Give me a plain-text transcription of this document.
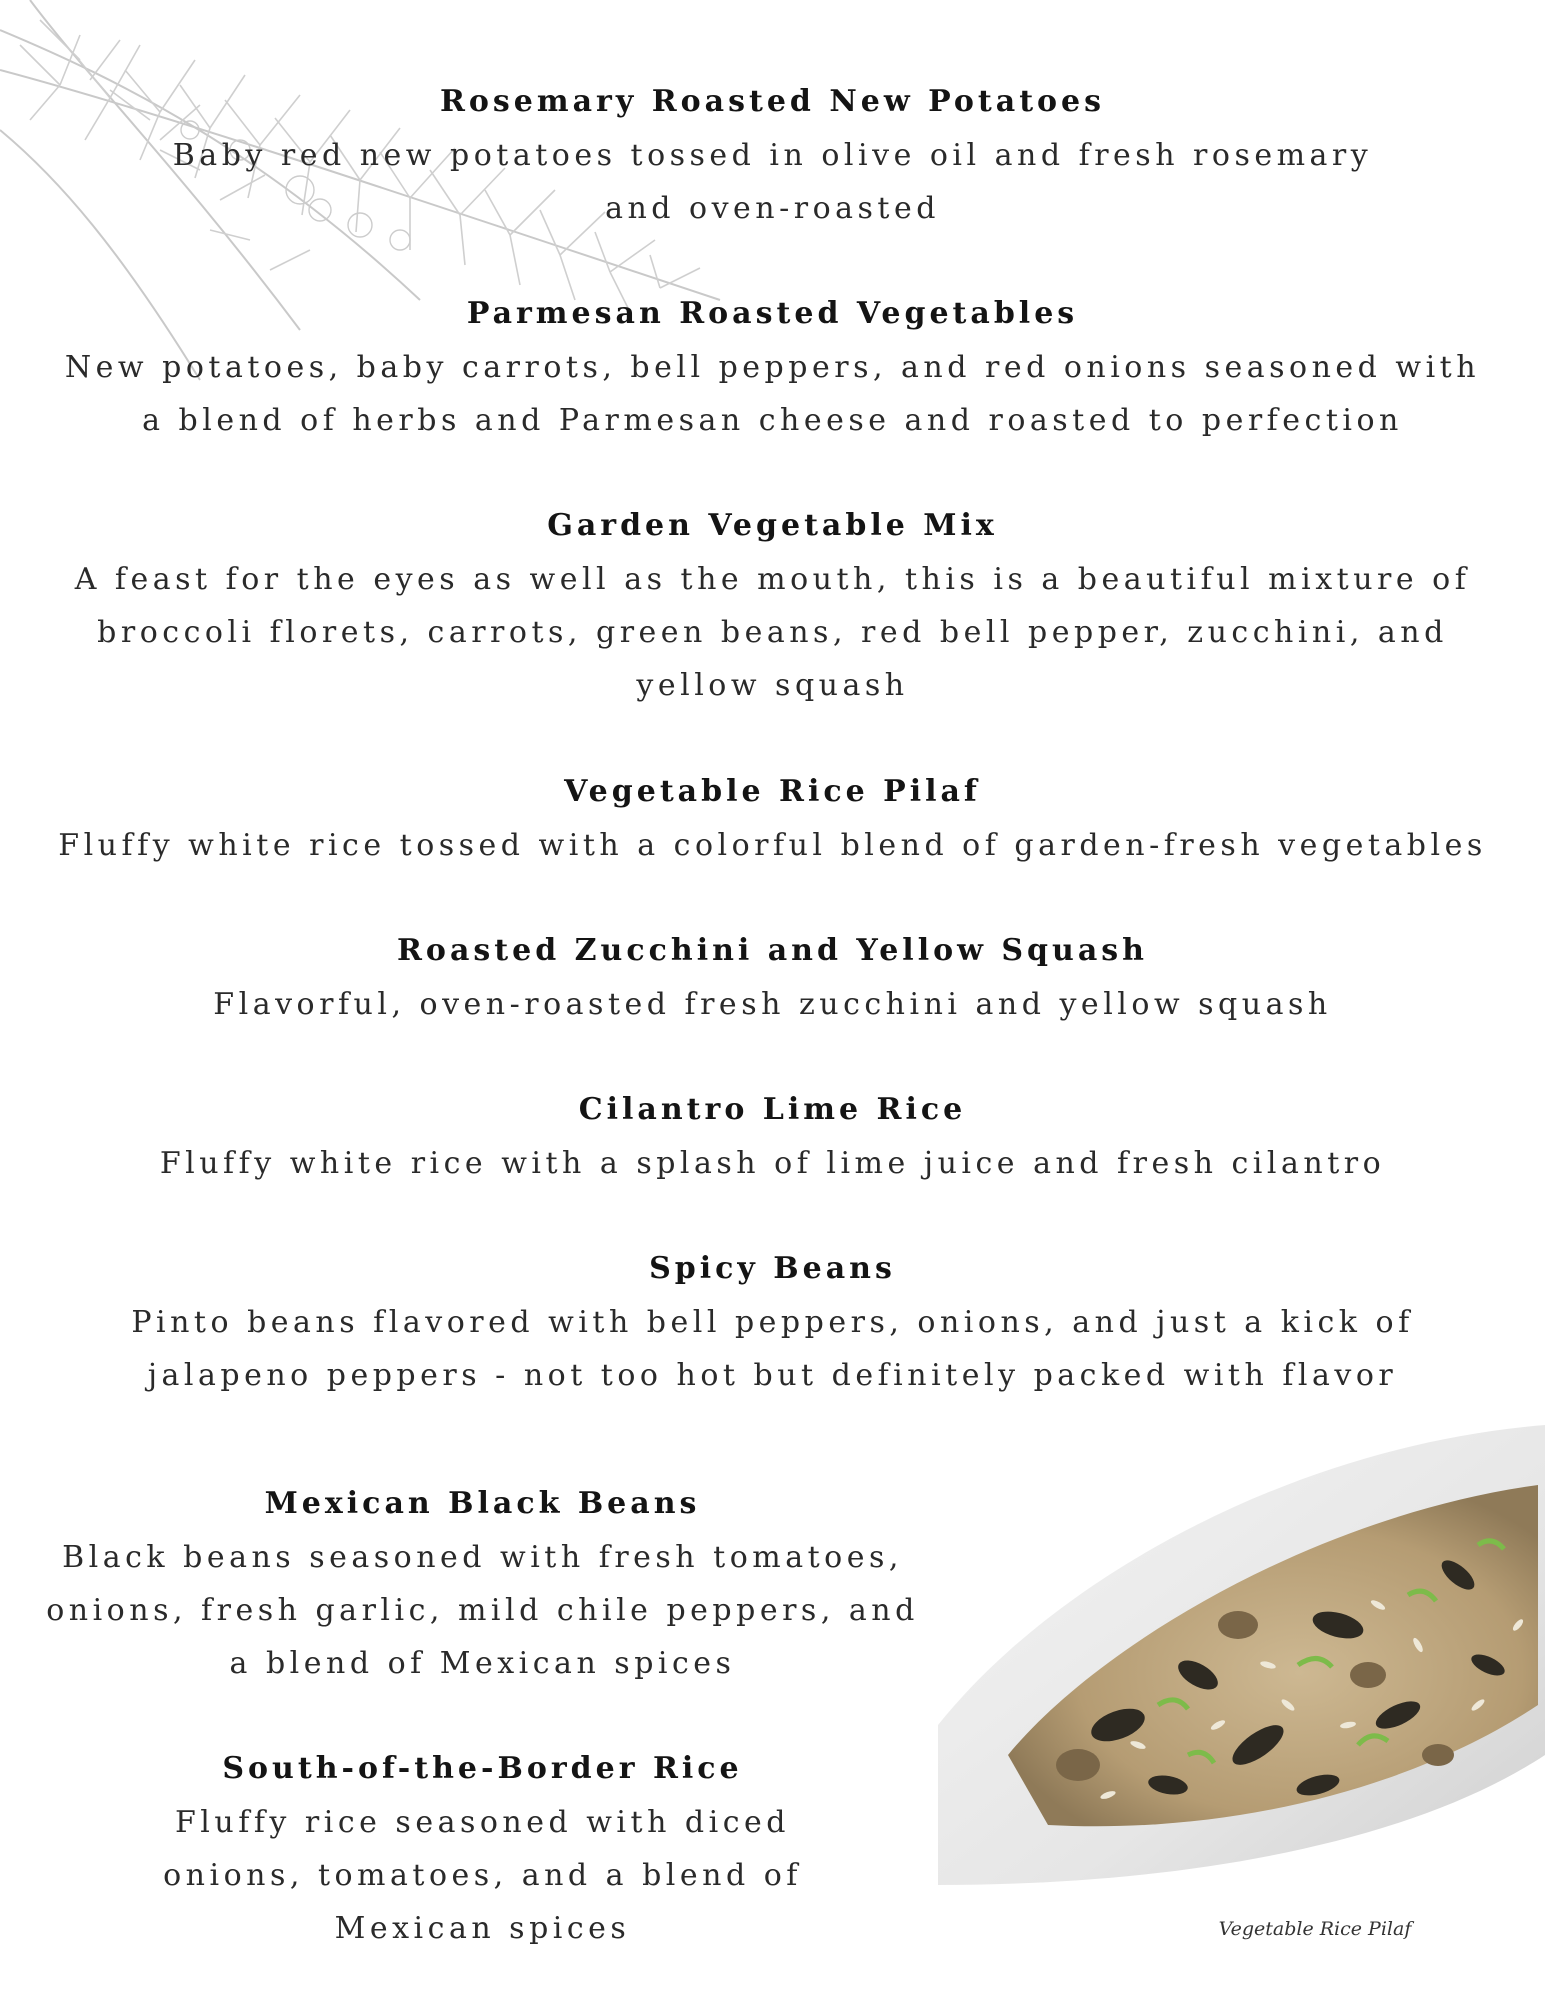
Rosemary Roasted New Potatoes

Baby red new potatoes tossed in olive oil and fresh rosemary and oven-roasted

Parmesan Roasted Vegetables

New potatoes, baby carrots, bell peppers, and red onions seasoned with a blend of herbs and Parmesan cheese and roasted to perfection

Garden Vegetable Mix

A feast for the eyes as well as the mouth, this is a beautiful mixture of broccoli florets, carrots, green beans, red bell pepper, zucchini, and yellow squash

Vegetable Rice Pilaf

Fluffy white rice tossed with a colorful blend of garden-fresh vegetables

Roasted Zucchini and Yellow Squash

Flavorful, oven-roasted fresh zucchini and yellow squash

Cilantro Lime Rice

Fluffy white rice with a splash of lime juice and fresh cilantro

Spicy Beans

Pinto beans flavored with bell peppers, onions, and just a kick of jalapeno peppers - not too hot but definitely packed with flavor

Mexican Black Beans

Black beans seasoned with fresh tomatoes, onions, fresh garlic, mild chile peppers, and a blend of Mexican spices

South-of-the-Border Rice

Fluffy rice seasoned with diced onions, tomatoes, and a blend of Mexican spices	Vegetable Rice Pilaf
